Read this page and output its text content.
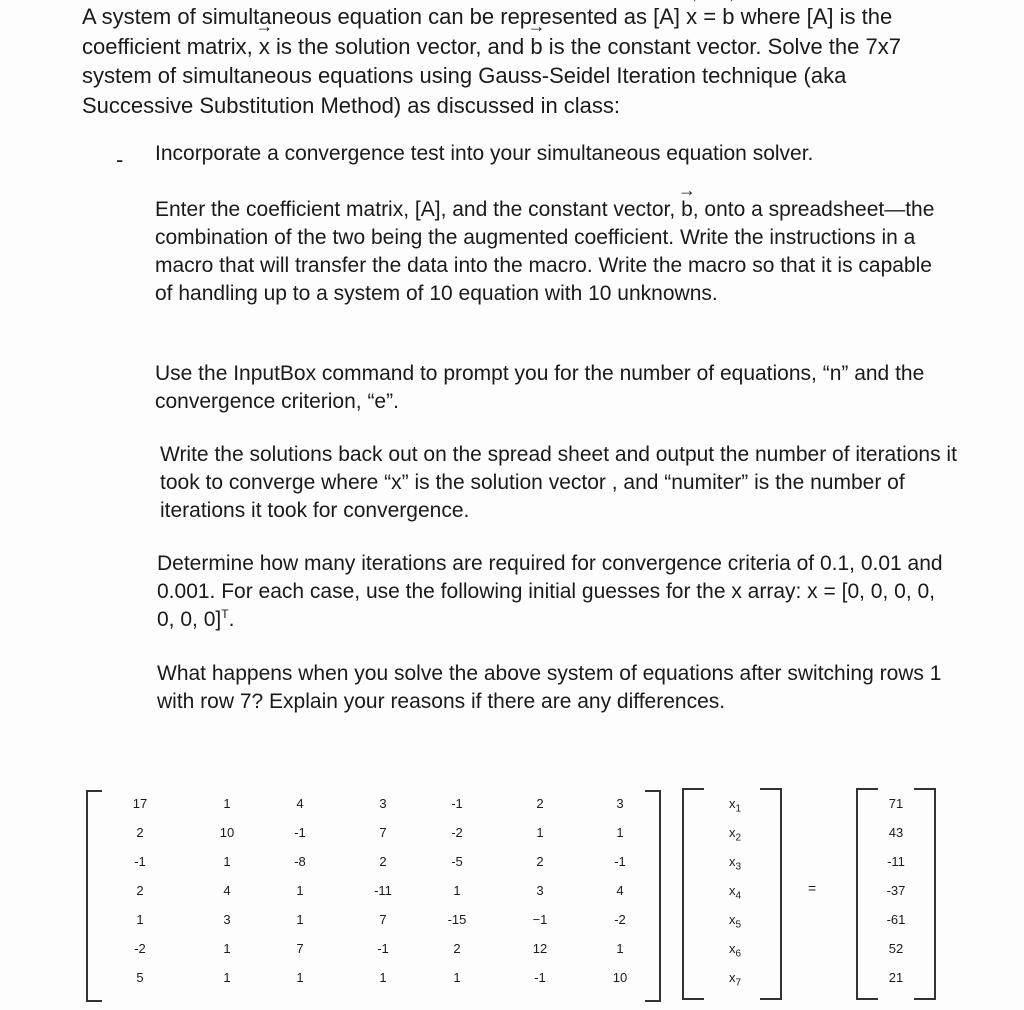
A system of simultaneous equation can be represented as [A] → x = → b where [A] is the coefficient matrix, → x is the solution vector, and → b is the constant vector. Solve the 7x7 system of simultaneous equations using Gauss-Seidel Iteration technique (aka Successive Substitution Method) as discussed in class:

- Incorporate a convergence test into your simultaneous equation solver.

Enter the coefficient matrix, [A], and the constant vector, → b, onto a spreadsheet—the combination of the two being the augmented coefficient. Write the instructions in a macro that will transfer the data into the macro. Write the macro so that it is capable of handling up to a system of 10 equation with 10 unknowns.

Use the InputBox command to prompt you for the number of equations, “n” and the convergence criterion, “e”.

Write the solutions back out on the spread sheet and output the number of iterations it took to converge where “x” is the solution vector , and “numiter” is the number of iterations it took for convergence.

Determine how many iterations are required for convergence criteria of 0.1, 0.01 and 0.001. For each case, use the following initial guesses for the x array: x = [0, 0, 0, 0, 0, 0, 0]$^T$.

What happens when you solve the above system of equations after switching rows 1 with row 7? Explain your reasons if there are any differences.

17	1	4	3	-1	2	3
2	10	-1	7	-2	1	1
-1	1	-8	2	-5	2	-1
2	4	1	-11	1	3	4
1	3	1	7	-15	−1	-2
-2	1	7	-1	2	12	1
5	1	1	1	1	-1	10
$x_1$
$x_2$
$x_3$
$x_4$
$x_5$
$x_6$
$x_7$
=
71
43
-11
-37
-61
52
21
